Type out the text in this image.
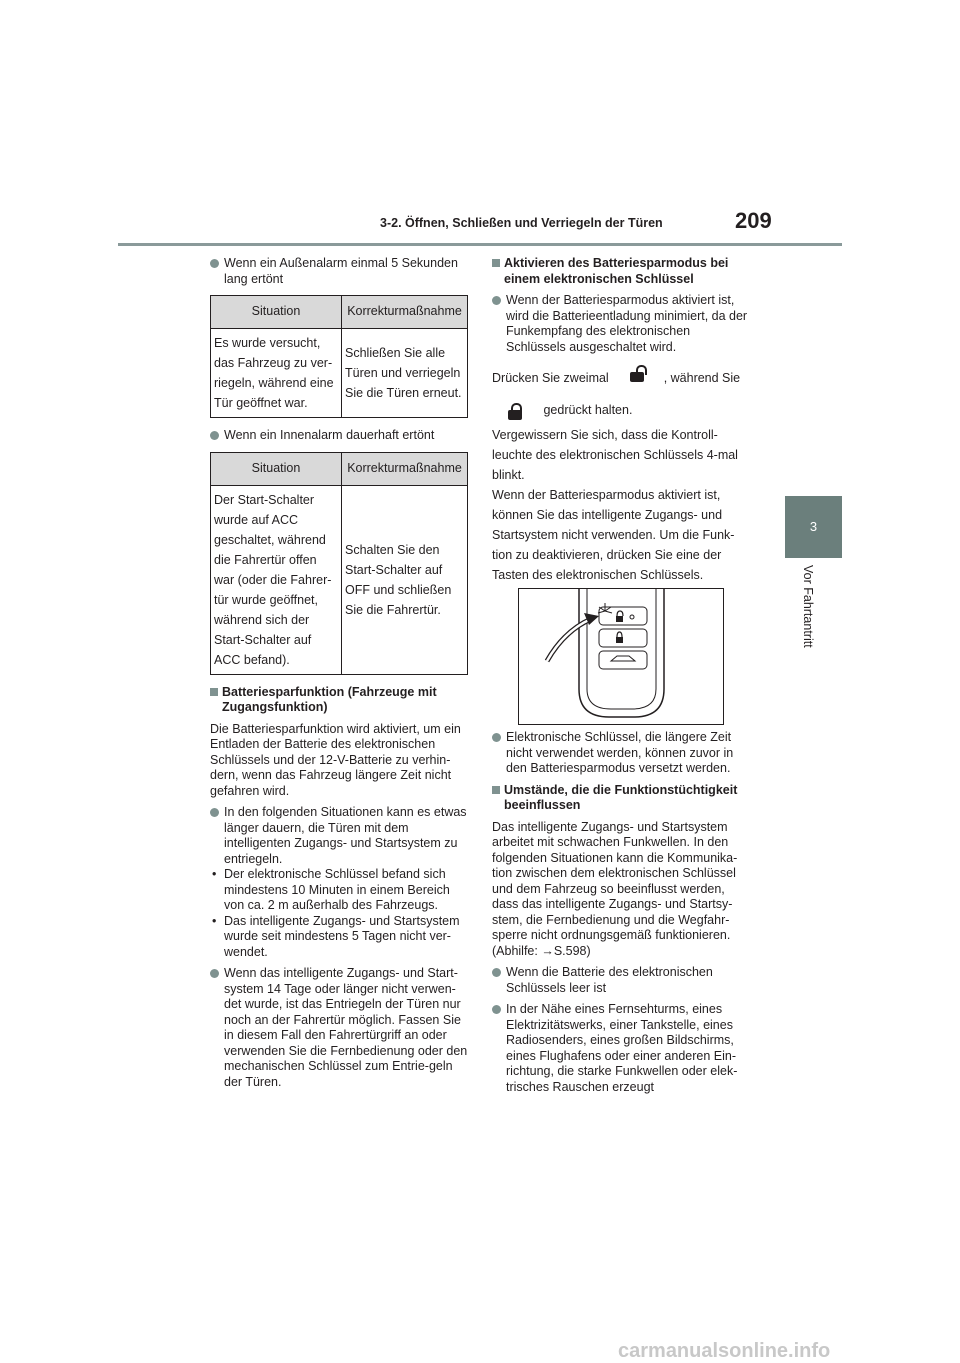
3-2. Öffnen, Schließen und Verriegeln der Türen	209
3
Vor Fahrtantritt
Wenn ein Außenalarm einmal 5 Sekunden lang ertönt
Situation	Korrekturmaßnahme
Es wurde versucht, das Fahrzeug zu ver-riegeln, während eine Tür geöffnet war.	Schließen Sie alle Türen und verriegeln Sie die Türen erneut.
Wenn ein Innenalarm dauerhaft ertönt
Situation	Korrekturmaßnahme
Der Start-Schalter wurde auf ACC geschaltet, während die Fahrertür offen war (oder die Fahrer-tür wurde geöffnet, während sich der Start-Schalter auf ACC befand).	Schalten Sie den Start-Schalter auf OFF und schließen Sie die Fahrertür.
Batteriesparfunktion (Fahrzeuge mit Zugangsfunktion)

Die Batteriesparfunktion wird aktiviert, um ein Entladen der Batterie des elektronischen Schlüssels und der 12-V-Batterie zu verhin-dern, wenn das Fahrzeug längere Zeit nicht gefahren wird.

In den folgenden Situationen kann es etwas länger dauern, die Türen mit dem intelligenten Zugangs- und Startsystem zu entriegeln.
• Der elektronische Schlüssel befand sich mindestens 10 Minuten in einem Bereich von ca. 2 m außerhalb des Fahrzeugs.
• Das intelligente Zugangs- und Startsystem wurde seit mindestens 5 Tagen nicht ver-wendet.
Wenn das intelligente Zugangs- und Start-system 14 Tage oder länger nicht verwen-det wurde, ist das Entriegeln der Türen nur noch an der Fahrertür möglich. Fassen Sie in diesem Fall den Fahrertürgriff an oder verwenden Sie die Fernbedienung oder den mechanischen Schlüssel zum Entrie-geln der Türen.
Aktivieren des Batteriesparmodus bei einem elektronischen Schlüssel
Wenn der Batteriesparmodus aktiviert ist, wird die Batterieentladung minimiert, da der Funkempfang des elektronischen Schlüssels ausgeschaltet wird.
Drücken Sie zweimal	, während Sie
gedrückt halten.

Vergewissern Sie sich, dass die Kontroll-leuchte des elektronischen Schlüssels 4-mal blinkt.

Wenn der Batteriesparmodus aktiviert ist, können Sie das intelligente Zugangs- und Startsystem nicht verwenden. Um die Funk-tion zu deaktivieren, drücken Sie eine der Tasten des elektronischen Schlüssels.

Elektronische Schlüssel, die längere Zeit nicht verwendet werden, können zuvor in den Batteriesparmodus versetzt werden.
Umstände, die die Funktionstüchtigkeit beeinflussen

Das intelligente Zugangs- und Startsystem arbeitet mit schwachen Funkwellen. In den folgenden Situationen kann die Kommunika-tion zwischen dem elektronischen Schlüssel und dem Fahrzeug so beeinflusst werden, dass das intelligente Zugangs- und Startsy-stem, die Fernbedienung und die Wegfahr-sperre nicht ordnungsgemäß funktionieren. (Abhilfe: →S.598)

Wenn die Batterie des elektronischen Schlüssels leer ist
In der Nähe eines Fernsehturms, eines Elektrizitätswerks, einer Tankstelle, eines Radiosenders, eines großen Bildschirms, eines Flughafens oder einer anderen Ein-richtung, die starke Funkwellen oder elek-trisches Rauschen erzeugt
carmanualsonline.info
